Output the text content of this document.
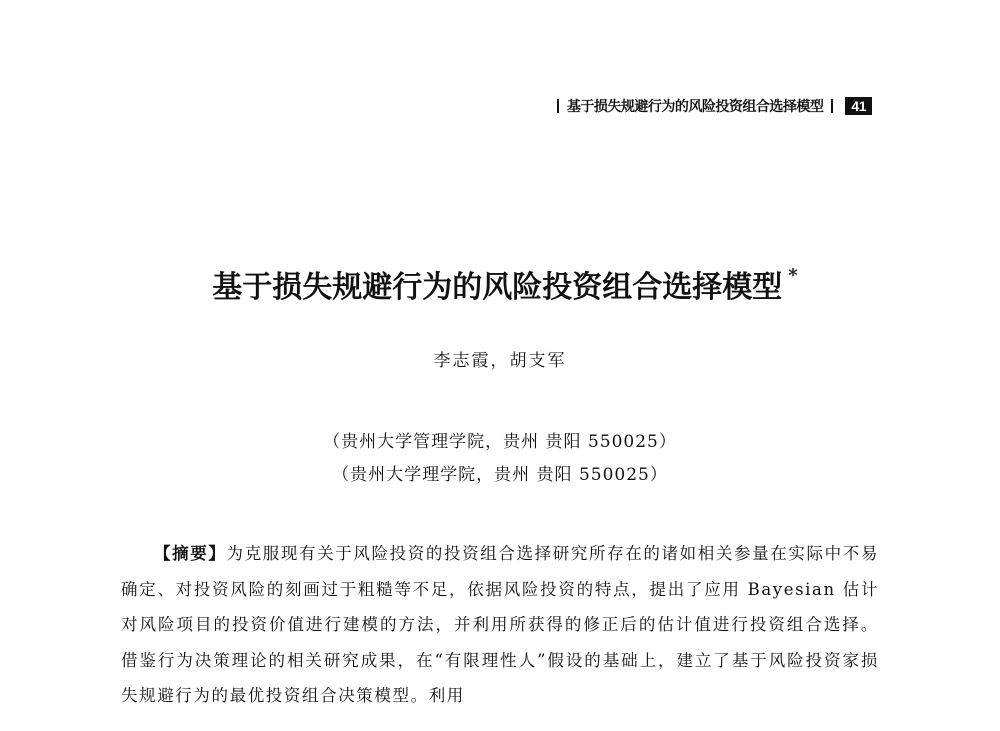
基于损失规避行为的风险投资组合选择模型	41
基于损失规避行为的风险投资组合选择模型 *
李志霞，胡支军
（贵州大学管理学院，贵州 贵阳 550025）
（贵州大学理学院，贵州 贵阳 550025）

【摘要】为克服现有关于风险投资的投资组合选择研究所存在的诸如相关参量在实际中不易确定、对投资风险的刻画过于粗糙等不足，依据风险投资的特点，提出了应用 Bayesian 估计对风险项目的投资价值进行建模的方法，并利用所获得的修正后的估计值进行投资组合选择。借鉴行为决策理论的相关研究成果，在“有限理性人”假设的基础上，建立了基于风险投资家损失规避行为的最优投资组合决策模型。利用
